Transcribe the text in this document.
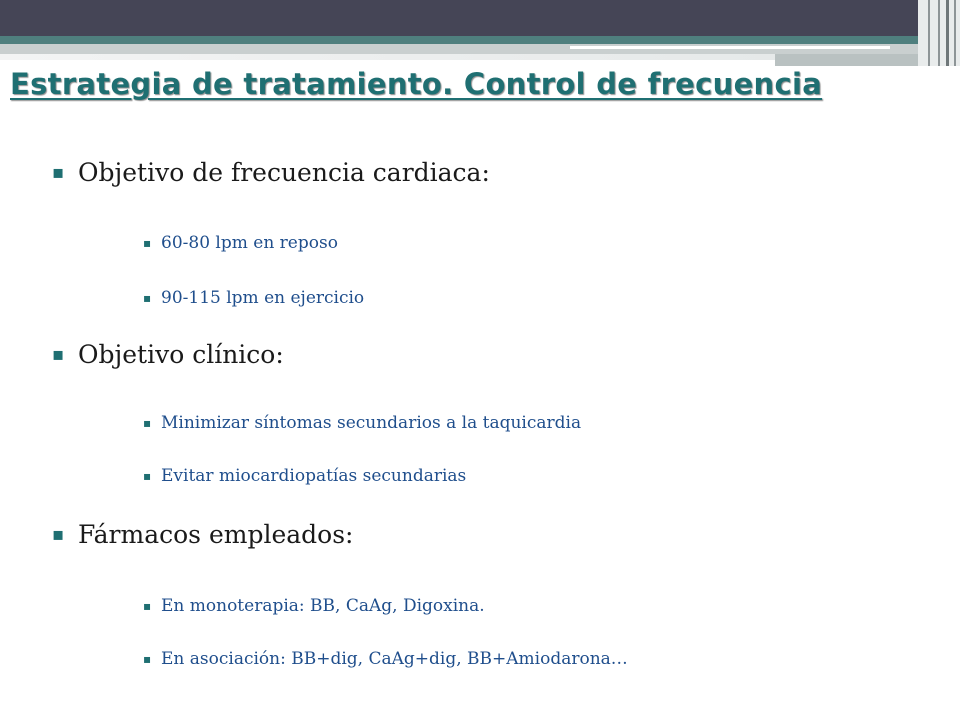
Estrategia de tratamiento. Control de frecuencia
▪ Objetivo de frecuencia cardiaca:
▪ 60-80 lpm en reposo
▪ 90-115 lpm en ejercicio
▪ Objetivo clínico:
▪ Minimizar síntomas secundarios a la taquicardia
▪ Evitar miocardiopatías secundarias
▪ Fármacos empleados:
▪ En monoterapia: BB, CaAg, Digoxina.
▪ En asociación: BB+dig, CaAg+dig, BB+Amiodarona…
